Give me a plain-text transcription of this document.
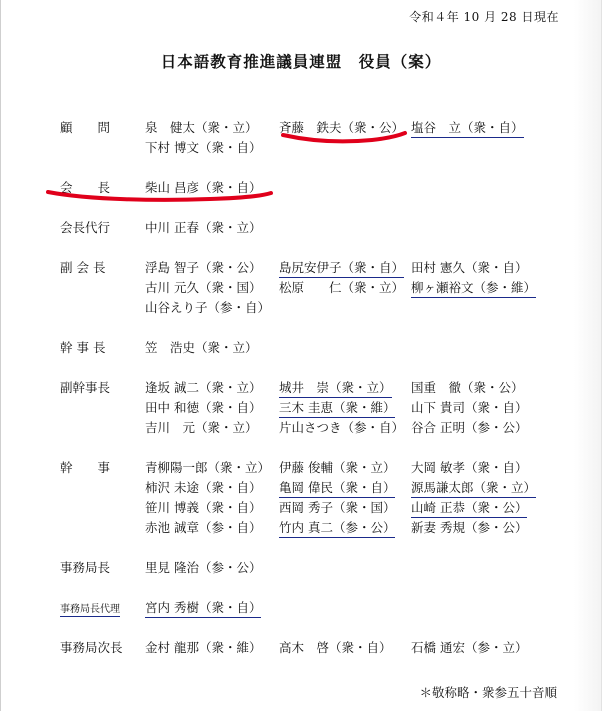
令和４年 10 月 28 日現在
日本語教育推進議員連盟　役員（案）
顧　　問	泉　健太（衆・立） 斉藤　鉄夫（衆・公） 塩谷　立（衆・自）
下村 博文（衆・自）
会　　長	柴山 昌彦（衆・自）
会長代行	中川 正春（衆・立）
副 会 長	浮島 智子（衆・公） 島尻安伊子（衆・自） 田村 憲久（衆・自）
古川 元久（衆・国） 松原　　仁（衆・立） 柳ヶ瀬裕文（参・維）
山谷えり子（参・自）
幹 事 長	笠　浩史（衆・立）
副幹事長	逢坂 誠二（衆・立） 城井　崇（衆・立） 国重　徹（衆・公）
田中 和徳（衆・自） 三木 圭恵（衆・維） 山下 貴司（衆・自）
吉川　元（衆・立） 片山さつき（参・自） 谷合 正明（参・公）
幹　　事	青柳陽一郎（衆・立） 伊藤 俊輔（衆・立） 大岡 敏孝（衆・自）
柿沢 未途（衆・自） 亀岡 偉民（衆・自） 源馬謙太郎（衆・立）
笹川 博義（衆・自） 西岡 秀子（衆・国） 山崎 正恭（衆・公）
赤池 誠章（参・自） 竹内 真二（参・公） 新妻 秀規（参・公）
事務局長	里見 隆治（参・公）
事務局長代理 宮内 秀樹（衆・自）
事務局次長 金村 龍那（衆・維） 高木　啓（衆・自） 石橋 通宏（参・立）
＊敬称略・衆参五十音順
